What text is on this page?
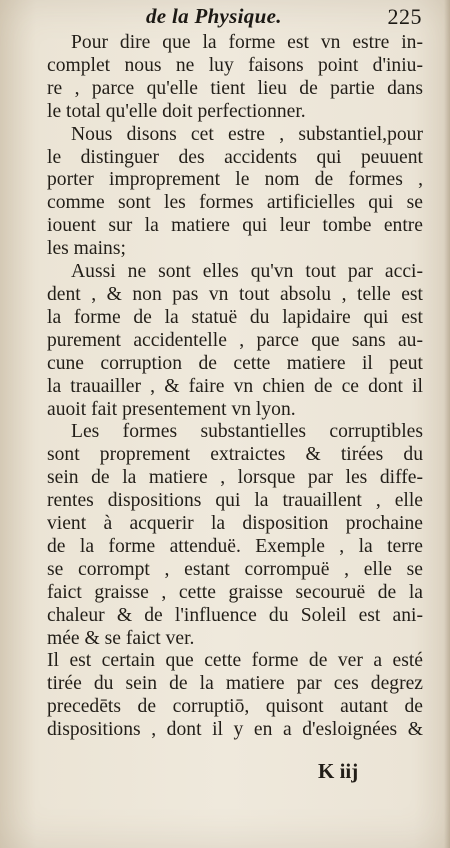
de la Physique.	225

Pour dire que la forme est vn estre in-
complet nous ne luy faisons point d'iniu-
re , parce qu'elle tient lieu de partie dans
le total qu'elle doit perfectionner.

Nous disons cet estre , substantiel,pour
le distinguer des accidents qui peuuent
porter improprement le nom de formes ,
comme sont les formes artificielles qui se
iouent sur la matiere qui leur tombe entre
les mains;

Aussi ne sont elles qu'vn tout par acci-
dent , & non pas vn tout absolu , telle est
la forme de la statuë du lapidaire qui est
purement accidentelle , parce que sans au-
cune corruption de cette matiere il peut
la trauailler , & faire vn chien de ce dont il
auoit fait presentement vn lyon.

Les formes substantielles corruptibles
sont proprement extraictes & tirées du
sein de la matiere , lorsque par les diffe-
rentes dispositions qui la trauaillent , elle
vient à acquerir la disposition prochaine
de la forme attenduë. Exemple , la terre
se corrompt , estant corrompuë , elle se
faict graisse , cette graisse secouruë de la
chaleur & de l'influence du Soleil est ani-
mée & se faict ver.

Il est certain que cette forme de ver a esté
tirée du sein de la matiere par ces degrez
precedēts de corruptiō, quisont autant de
dispositions , dont il y en a d'esloignées &

K iij
